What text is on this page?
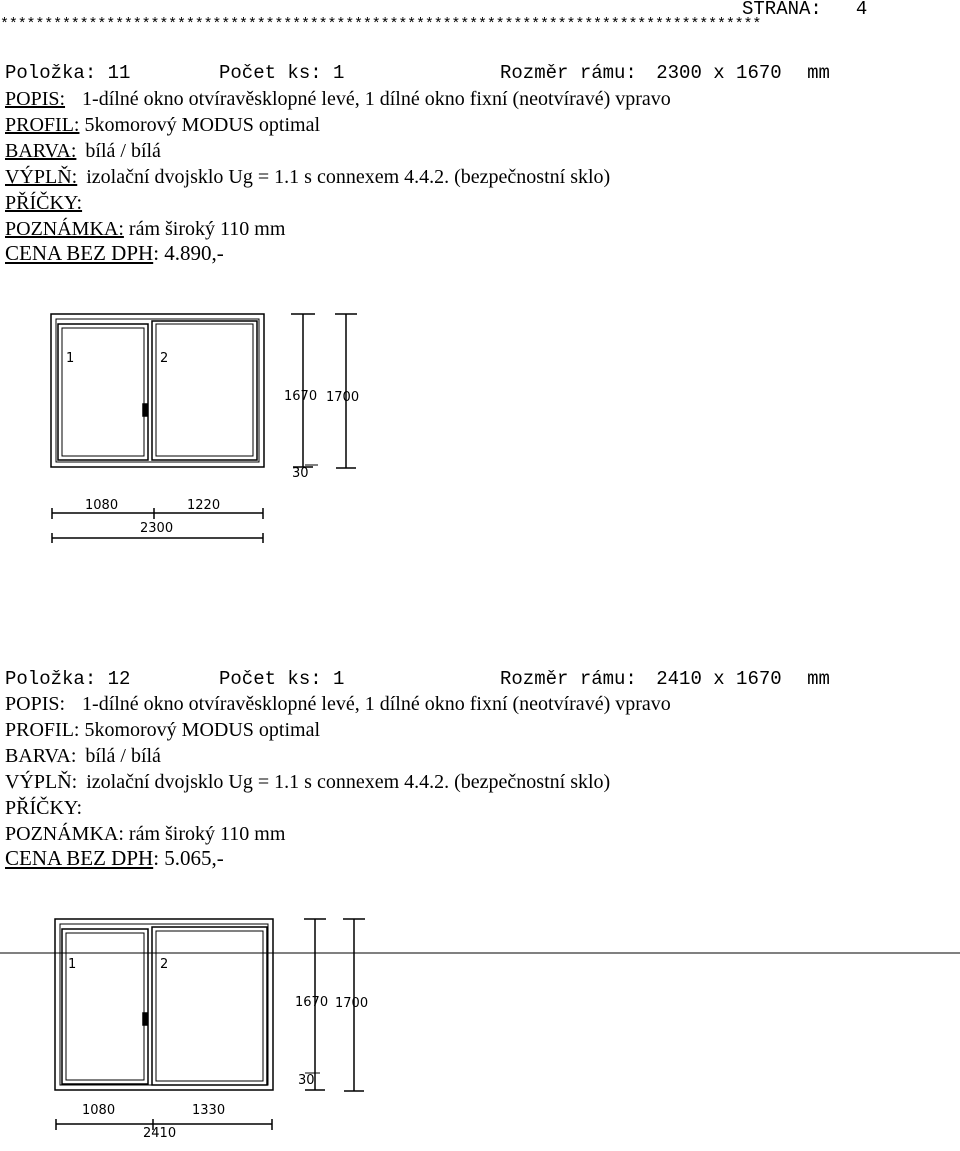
STRANA: 4
**************************************************************************************
Položka: 11	Počet ks: 1	Rozměr rámu: 2300 x 1670 mm
POPIS: 1-dílné okno otvíravěsklopné levé, 1 dílné okno fixní (neotvíravé) vpravo
PROFIL: 5komorový MODUS optimal
BARVA: bílá / bílá
VÝPLŇ: izolační dvojsklo Ug = 1.1 s connexem 4.4.2. (bezpečnostní sklo)
PŘÍČKY:
POZNÁMKA: rám široký 110 mm
CENA BEZ DPH: 4.890,-
1	2
1670 1700
30
1080	1220
2300
Položka: 12	Počet ks: 1	Rozměr rámu: 2410 x 1670 mm
POPIS: 1-dílné okno otvíravěsklopné levé, 1 dílné okno fixní (neotvíravé) vpravo
PROFIL: 5komorový MODUS optimal
BARVA: bílá / bílá
VÝPLŇ: izolační dvojsklo Ug = 1.1 s connexem 4.4.2. (bezpečnostní sklo)
PŘÍČKY:
POZNÁMKA: rám široký 110 mm
CENA BEZ DPH: 5.065,-
1	2
1670 1700
30
1080	1330
2410
